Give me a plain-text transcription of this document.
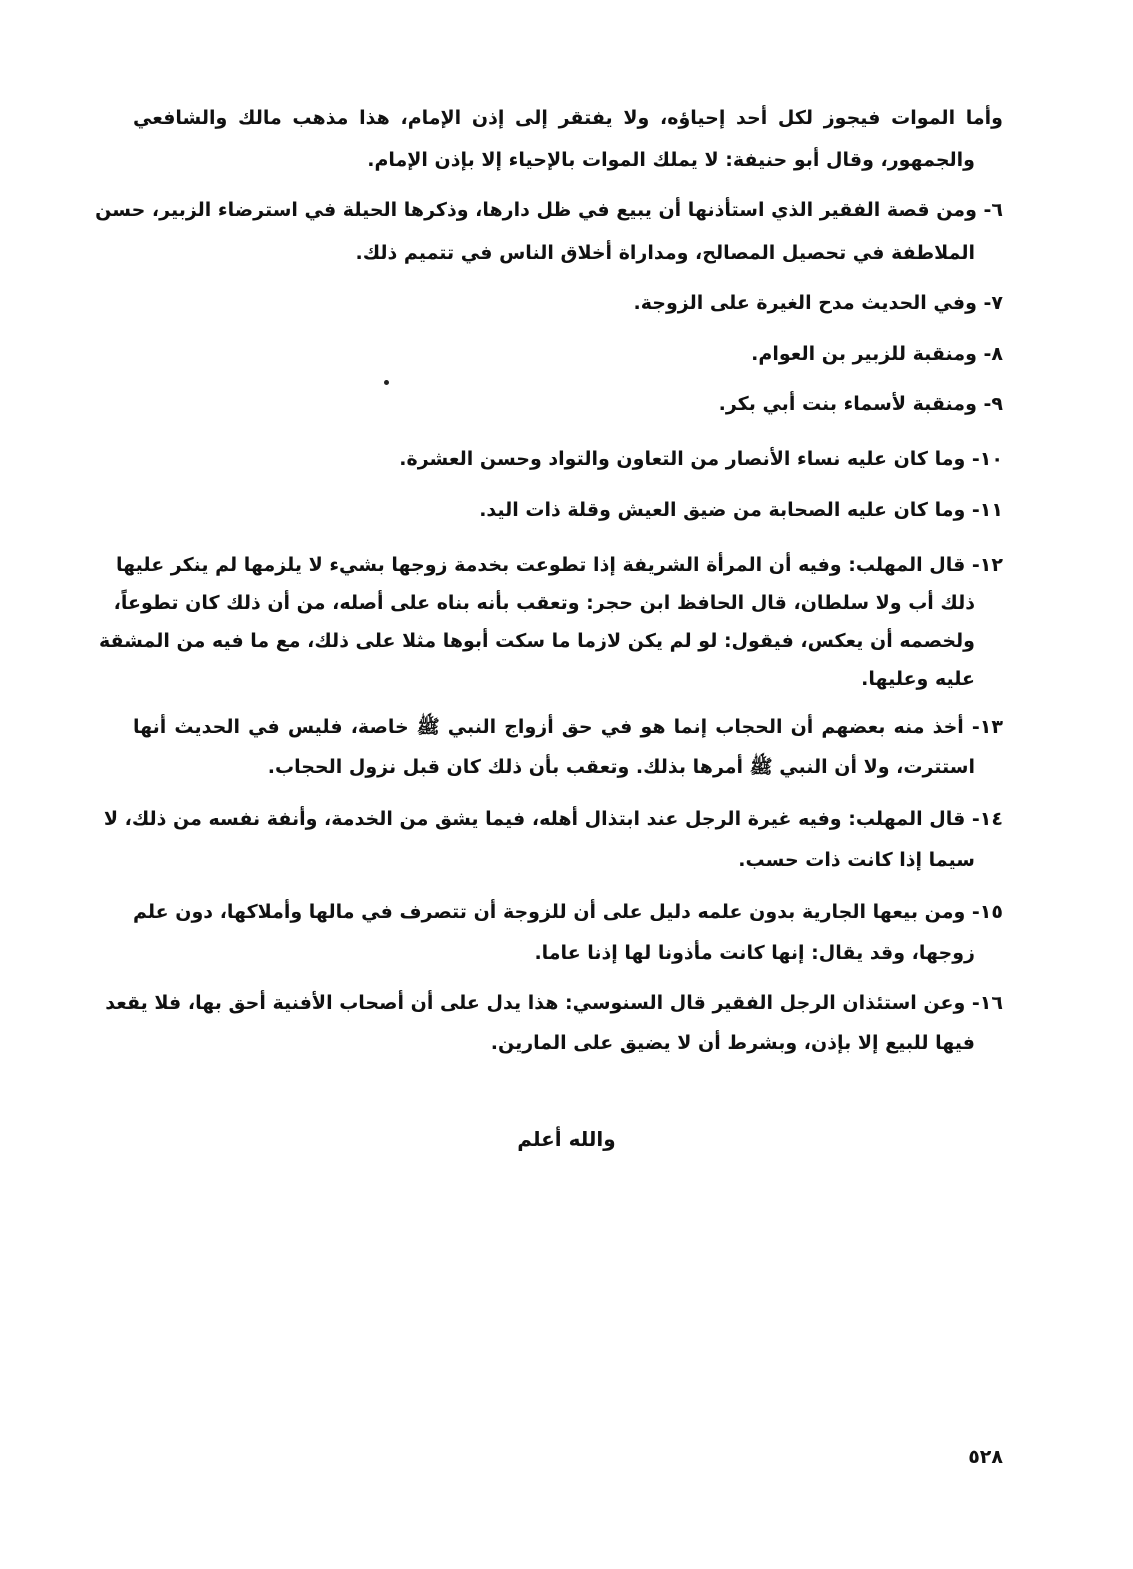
وأما الموات فيجوز لكل أحد إحياؤه، ولا يفتقر إلى إذن الإمام، هذا مذهب مالك والشافعي
والجمهور، وقال أبو حنيفة: لا يملك الموات بالإحياء إلا بإذن الإمام.
٦- ومن قصة الفقير الذي استأذنها أن يبيع في ظل دارها، وذكرها الحيلة في استرضاء الزبير، حسن
الملاطفة في تحصيل المصالح، ومداراة أخلاق الناس في تتميم ذلك.
٧- وفي الحديث مدح الغيرة على الزوجة.
٨- ومنقبة للزبير بن العوام.
٩- ومنقبة لأسماء بنت أبي بكر.
١٠- وما كان عليه نساء الأنصار من التعاون والتواد وحسن العشرة.
١١- وما كان عليه الصحابة من ضيق العيش وقلة ذات اليد.
١٢- قال المهلب: وفيه أن المرأة الشريفة إذا تطوعت بخدمة زوجها بشيء لا يلزمها لم ينكر عليها
ذلك أب ولا سلطان، قال الحافظ ابن حجر: وتعقب بأنه بناه على أصله، من أن ذلك كان تطوعاً،
ولخصمه أن يعكس، فيقول: لو لم يكن لازما ما سكت أبوها مثلا على ذلك، مع ما فيه من المشقة
عليه وعليها.
١٣- أخذ منه بعضهم أن الحجاب إنما هو في حق أزواج النبي ﷺ خاصة، فليس في الحديث أنها
استترت، ولا أن النبي ﷺ أمرها بذلك. وتعقب بأن ذلك كان قبل نزول الحجاب.
١٤- قال المهلب: وفيه غيرة الرجل عند ابتذال أهله، فيما يشق من الخدمة، وأنفة نفسه من ذلك، لا
سيما إذا كانت ذات حسب.
١٥- ومن بيعها الجارية بدون علمه دليل على أن للزوجة أن تتصرف في مالها وأملاكها، دون علم
زوجها، وقد يقال: إنها كانت مأذونا لها إذنا عاما.
١٦- وعن استئذان الرجل الفقير قال السنوسي: هذا يدل على أن أصحاب الأفنية أحق بها، فلا يقعد
فيها للبيع إلا بإذن، وبشرط أن لا يضيق على المارين.
والله أعلم
٥٢٨
